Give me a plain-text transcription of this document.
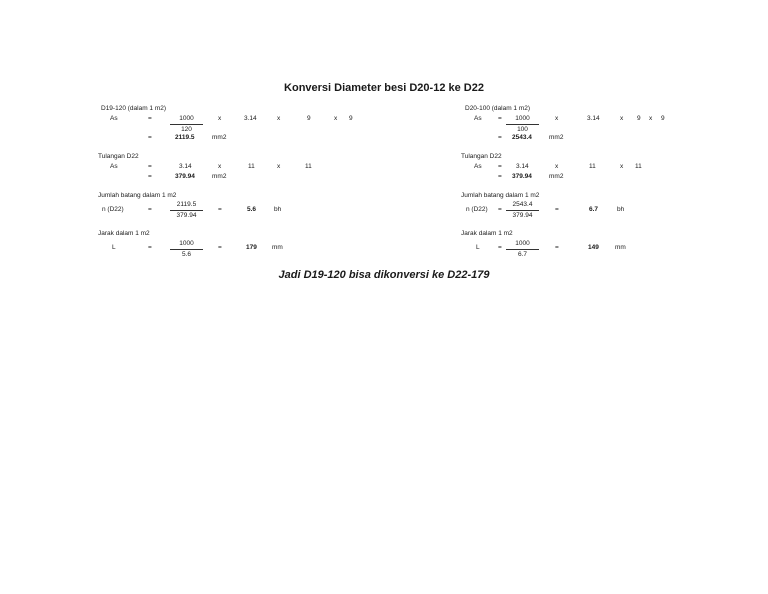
Konversi Diameter besi D20-12 ke D22
D19-120 (dalam 1 m2)
As	=	$\frac{1000}{120}$ x	3.14	x	9	x 9
=	2119.5	mm2
Tulangan D22
As	=	3.14	x	11	x	11
=	379.94	mm2
Jumlah batang dalam 1 m2
n (D22)	=	$\frac{2119.5}{379.94}$ =	5.6	bh
Jarak dalam 1 m2
L	=	$\frac{1000}{5.6}$ =	179 mm
D20-100 (dalam 1 m2)
As	= $\frac{1000}{100}$ x	3.14	x 9 x 9
= 2543.4	mm2
Tulangan D22
As	= 3.14	x	11	x 11
= 379.94	mm2
Jumlah batang dalam 1 m2
n $(D22) = \frac{2543.4}{379.94}$ =	6.7	bh
Jarak dalam 1 m2
L	= $\frac{1000}{6.7}$ =	149 mm
Jadi D19-120 bisa dikonversi ke D22-179
